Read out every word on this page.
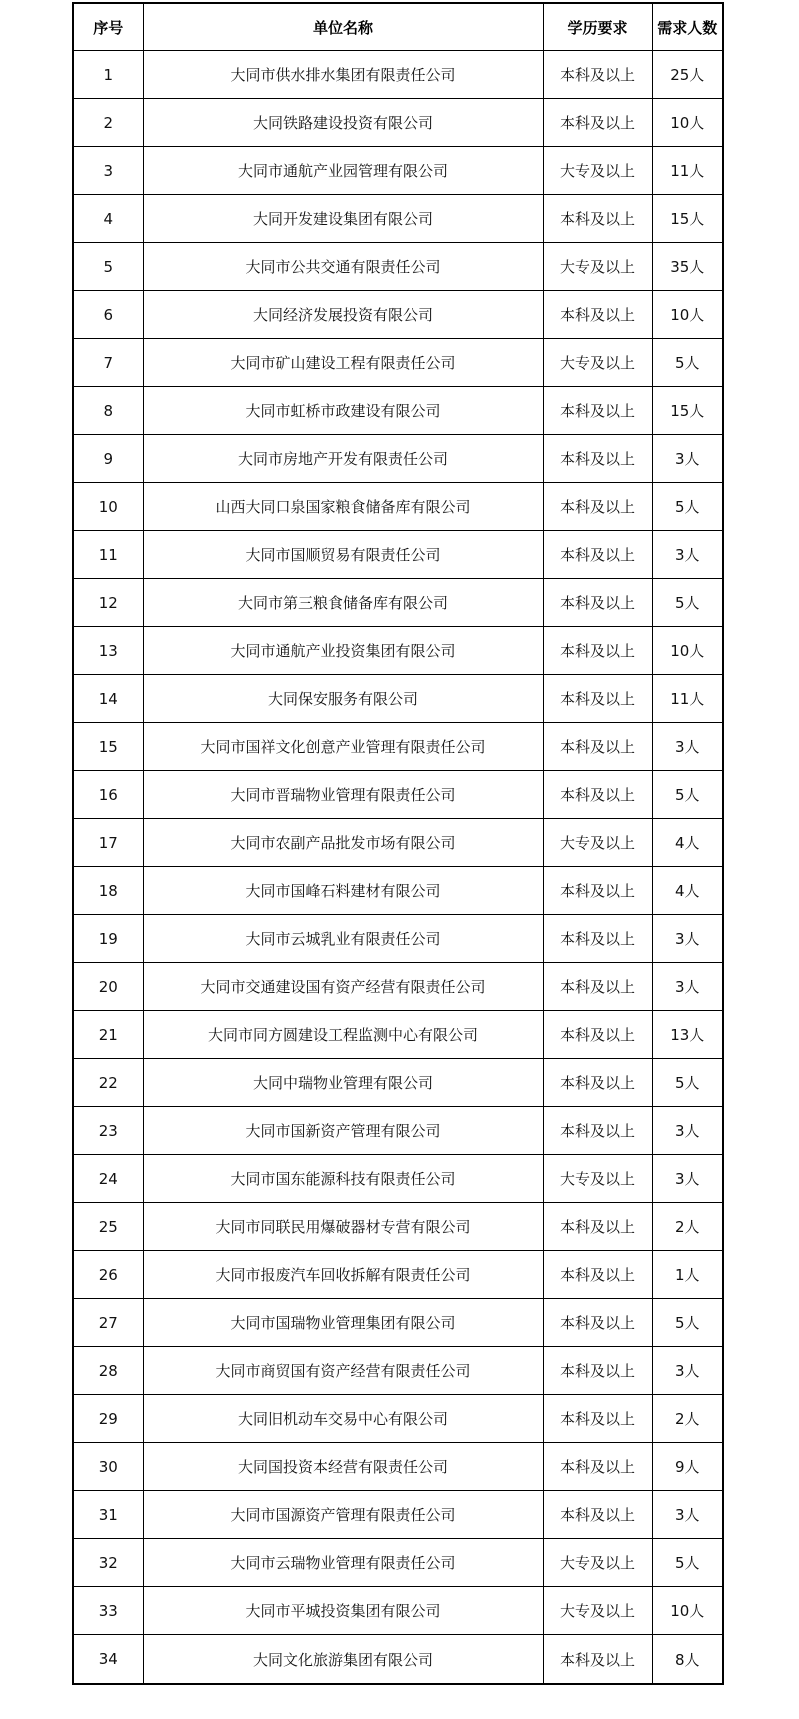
序号	单位名称	学历要求	需求人数
1	大同市供水排水集团有限责任公司	本科及以上	25人
2	大同铁路建设投资有限公司	本科及以上	10人
3	大同市通航产业园管理有限公司	大专及以上	11人
4	大同开发建设集团有限公司	本科及以上	15人
5	大同市公共交通有限责任公司	大专及以上	35人
6	大同经济发展投资有限公司	本科及以上	10人
7	大同市矿山建设工程有限责任公司	大专及以上	5人
8	大同市虹桥市政建设有限公司	本科及以上	15人
9	大同市房地产开发有限责任公司	本科及以上	3人
10	山西大同口泉国家粮食储备库有限公司	本科及以上	5人
11	大同市国顺贸易有限责任公司	本科及以上	3人
12	大同市第三粮食储备库有限公司	本科及以上	5人
13	大同市通航产业投资集团有限公司	本科及以上	10人
14	大同保安服务有限公司	本科及以上	11人
15	大同市国祥文化创意产业管理有限责任公司	本科及以上	3人
16	大同市晋瑞物业管理有限责任公司	本科及以上	5人
17	大同市农副产品批发市场有限公司	大专及以上	4人
18	大同市国峰石料建材有限公司	本科及以上	4人
19	大同市云城乳业有限责任公司	本科及以上	3人
20	大同市交通建设国有资产经营有限责任公司	本科及以上	3人
21	大同市同方圆建设工程监测中心有限公司	本科及以上	13人
22	大同中瑞物业管理有限公司	本科及以上	5人
23	大同市国新资产管理有限公司	本科及以上	3人
24	大同市国东能源科技有限责任公司	大专及以上	3人
25	大同市同联民用爆破器材专营有限公司	本科及以上	2人
26	大同市报废汽车回收拆解有限责任公司	本科及以上	1人
27	大同市国瑞物业管理集团有限公司	本科及以上	5人
28	大同市商贸国有资产经营有限责任公司	本科及以上	3人
29	大同旧机动车交易中心有限公司	本科及以上	2人
30	大同国投资本经营有限责任公司	本科及以上	9人
31	大同市国源资产管理有限责任公司	本科及以上	3人
32	大同市云瑞物业管理有限责任公司	大专及以上	5人
33	大同市平城投资集团有限公司	大专及以上	10人
34	大同文化旅游集团有限公司	本科及以上	8人
